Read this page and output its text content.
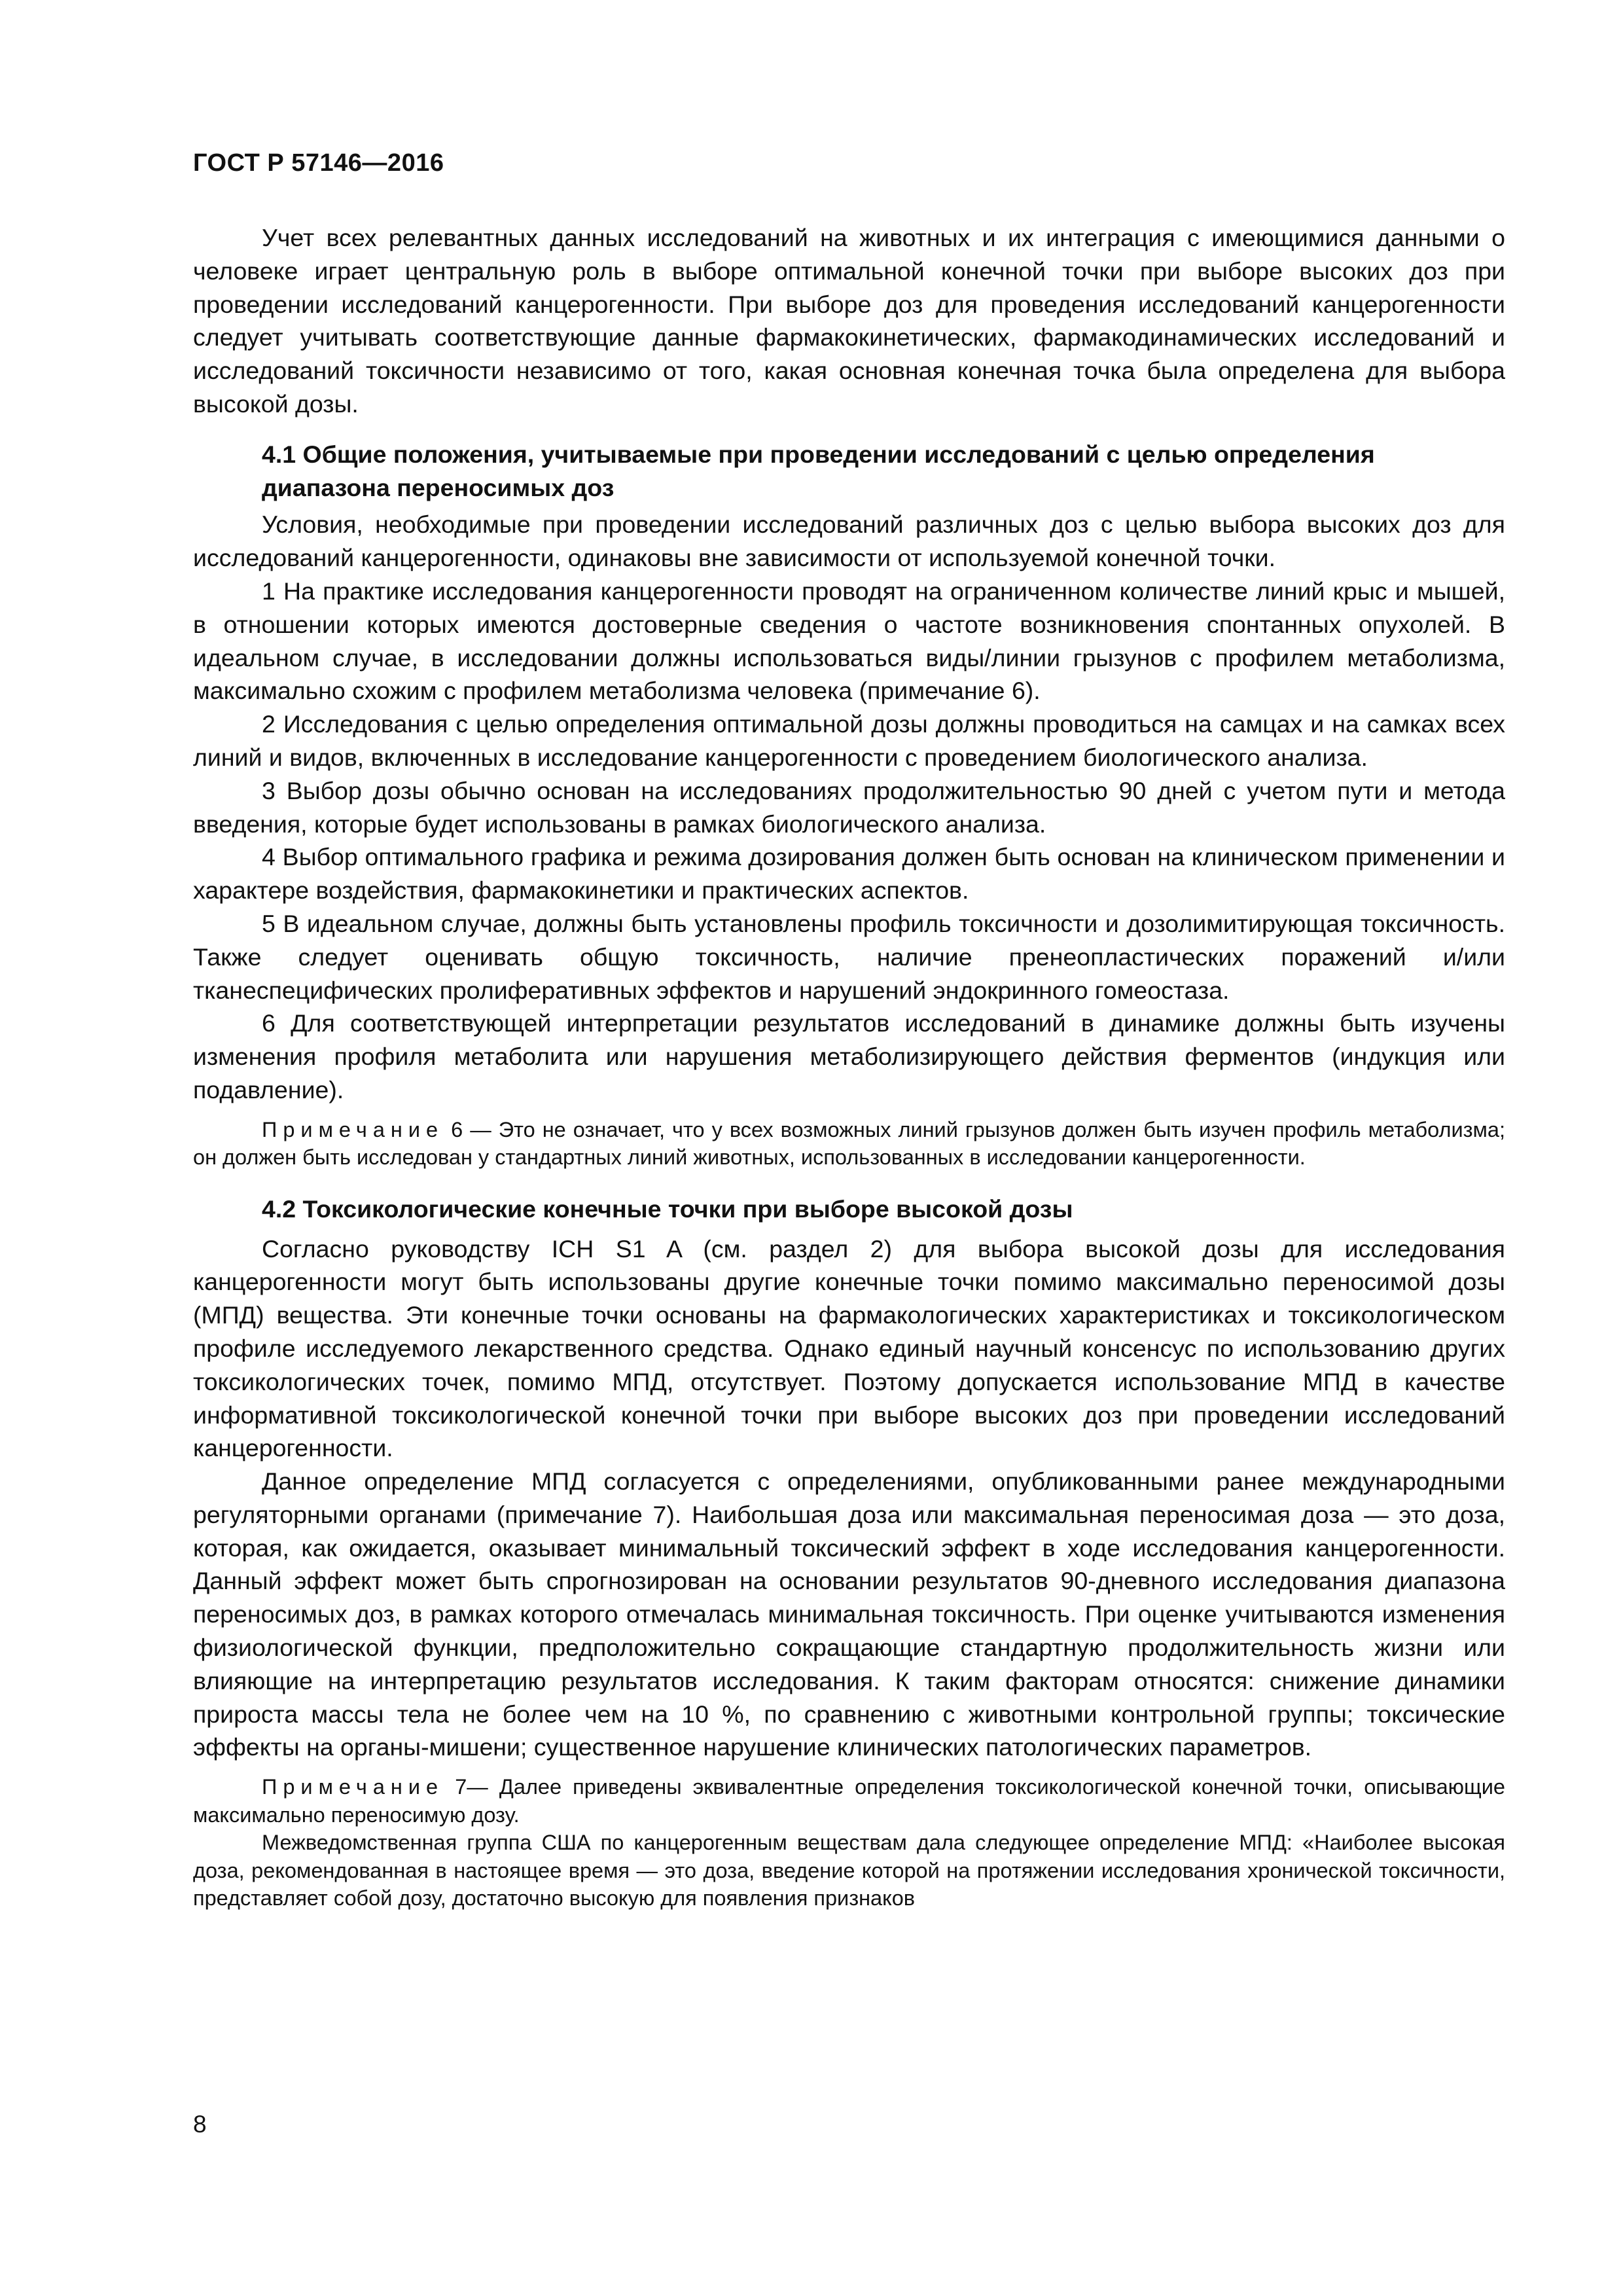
ГОСТ Р 57146—2016

Учет всех релевантных данных исследований на животных и их интеграция с имеющимися данными о человеке играет центральную роль в выборе оптимальной конечной точки при выборе высоких доз при проведении исследований канцерогенности. При выборе доз для проведения исследований канцерогенности следует учитывать соответствующие данные фармакокинетических, фармакодинамических исследований и исследований токсичности независимо от того, какая основная конечная точка была определена для выбора высокой дозы.

4.1 Общие положения, учитываемые при проведении исследований с целью определения диапазона переносимых доз

Условия, необходимые при проведении исследований различных доз с целью выбора высоких доз для исследований канцерогенности, одинаковы вне зависимости от используемой конечной точки.

1 На практике исследования канцерогенности проводят на ограниченном количестве линий крыс и мышей, в отношении которых имеются достоверные сведения о частоте возникновения спонтанных опухолей. В идеальном случае, в исследовании должны использоваться виды/линии грызунов с профилем метаболизма, максимально схожим с профилем метаболизма человека (примечание 6).

2 Исследования с целью определения оптимальной дозы должны проводиться на самцах и на самках всех линий и видов, включенных в исследование канцерогенности с проведением биологического анализа.

3 Выбор дозы обычно основан на исследованиях продолжительностью 90 дней с учетом пути и метода введения, которые будет использованы в рамках биологического анализа.

4 Выбор оптимального графика и режима дозирования должен быть основан на клиническом применении и характере воздействия, фармакокинетики и практических аспектов.

5 В идеальном случае, должны быть установлены профиль токсичности и дозолимитирующая токсичность. Также следует оценивать общую токсичность, наличие пренеопластических поражений и/или тканеспецифических пролиферативных эффектов и нарушений эндокринного гомеостаза.

6 Для соответствующей интерпретации результатов исследований в динамике должны быть изучены изменения профиля метаболита или нарушения метаболизирующего действия ферментов (индукция или подавление).

Примечание 6 — Это не означает, что у всех возможных линий грызунов должен быть изучен профиль метаболизма; он должен быть исследован у стандартных линий животных, использованных в исследовании канцерогенности.

4.2 Токсикологические конечные точки при выборе высокой дозы

Согласно руководству ICH S1 A (см. раздел 2) для выбора высокой дозы для исследования канцерогенности могут быть использованы другие конечные точки помимо максимально переносимой дозы (МПД) вещества. Эти конечные точки основаны на фармакологических характеристиках и токсикологическом профиле исследуемого лекарственного средства. Однако единый научный консенсус по использованию других токсикологических точек, помимо МПД, отсутствует. Поэтому допускается использование МПД в качестве информативной токсикологической конечной точки при выборе высоких доз при проведении исследований канцерогенности.

Данное определение МПД согласуется с определениями, опубликованными ранее международными регуляторными органами (примечание 7). Наибольшая доза или максимальная переносимая доза — это доза, которая, как ожидается, оказывает минимальный токсический эффект в ходе исследования канцерогенности. Данный эффект может быть спрогнозирован на основании результатов 90-дневного исследования диапазона переносимых доз, в рамках которого отмечалась минимальная токсичность. При оценке учитываются изменения физиологической функции, предположительно сокращающие стандартную продолжительность жизни или влияющие на интерпретацию результатов исследования. К таким факторам относятся: снижение динамики прироста массы тела не более чем на 10 %, по сравнению с животными контрольной группы; токсические эффекты на органы-мишени; существенное нарушение клинических патологических параметров.

Примечание 7— Далее приведены эквивалентные определения токсикологической конечной точки, описывающие максимально переносимую дозу.

Межведомственная группа США по канцерогенным веществам дала следующее определение МПД: «Наиболее высокая доза, рекомендованная в настоящее время — это доза, введение которой на протяжении исследования хронической токсичности, представляет собой дозу, достаточно высокую для появления признаков

8
